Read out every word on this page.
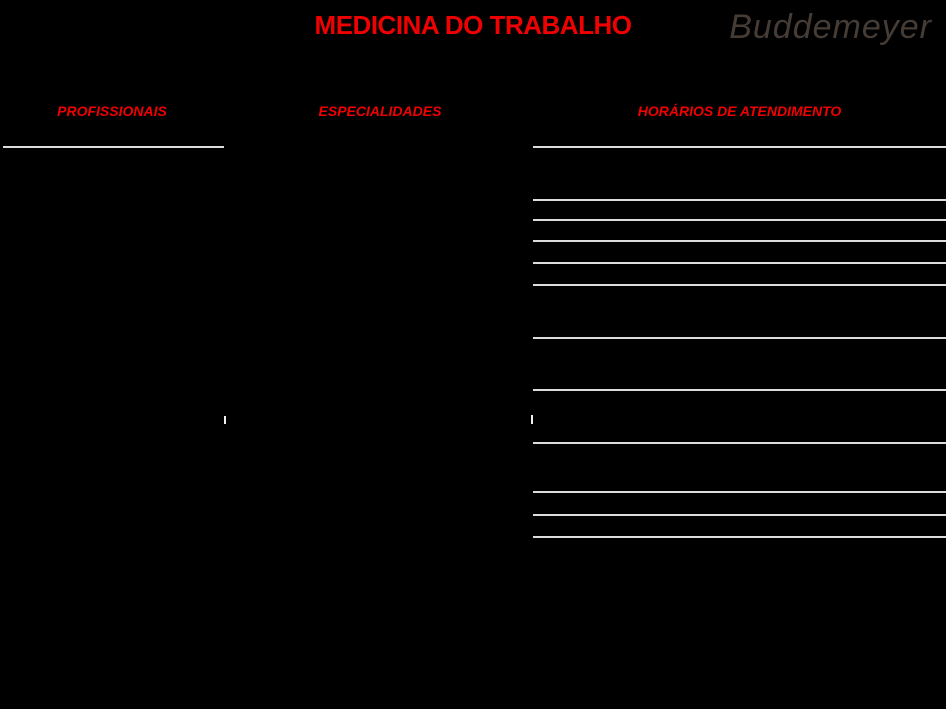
MEDICINA DO TRABALHO	Buddemeyer
PROFISSIONAIS	ESPECIALIDADES	HORÁRIOS DE ATENDIMENTO
